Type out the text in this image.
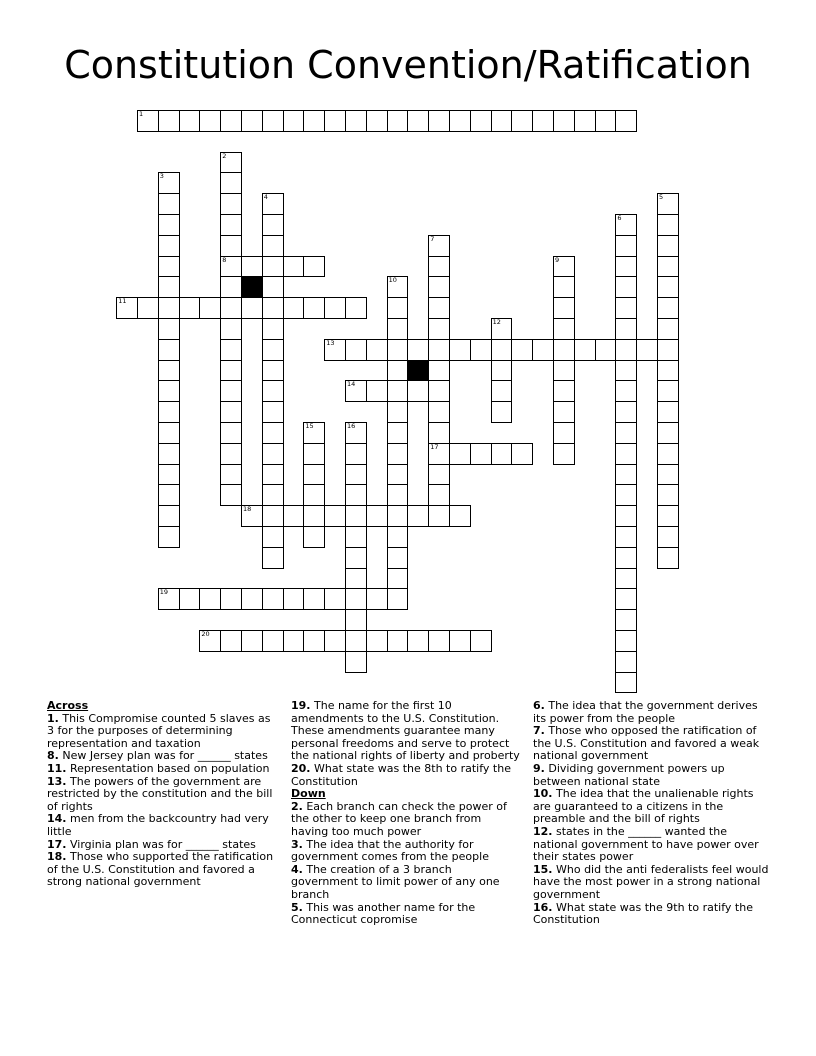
Constitution Convention/Ratification
1
2
8
3
4	5
6
7
17
9
10
11
12
13
14
15	16
18
19
20
Across
1. This Compromise counted 5 slaves as 3 for the purposes of determining representation and taxation
8. New Jersey plan was for ______ states
11. Representation based on population
13. The powers of the government are restricted by the constitution and the bill of rights
14. men from the backcountry had very little
17. Virginia plan was for ______ states
18. Those who supported the ratification of the U.S. Constitution and favored a strong national government
19. The name for the first 10 amendments to the U.S. Constitution. These amendments guarantee many personal freedoms and serve to protect the national rights of liberty and proberty
20. What state was the 8th to ratify the Constitution
Down
2. Each branch can check the power of the other to keep one branch from having too much power
3. The idea that the authority for government comes from the people
4. The creation of a 3 branch government to limit power of any one branch
5. This was another name for the Connecticut copromise
6. The idea that the government derives its power from the people
7. Those who opposed the ratification of the U.S. Constitution and favored a weak national government
9. Dividing government powers up between national state
10. The idea that the unalienable rights are guaranteed to a citizens in the preamble and the bill of rights
12. states in the ______ wanted the national government to have power over their states power
15. Who did the anti federalists feel would have the most power in a strong national government
16. What state was the 9th to ratify the Constitution
